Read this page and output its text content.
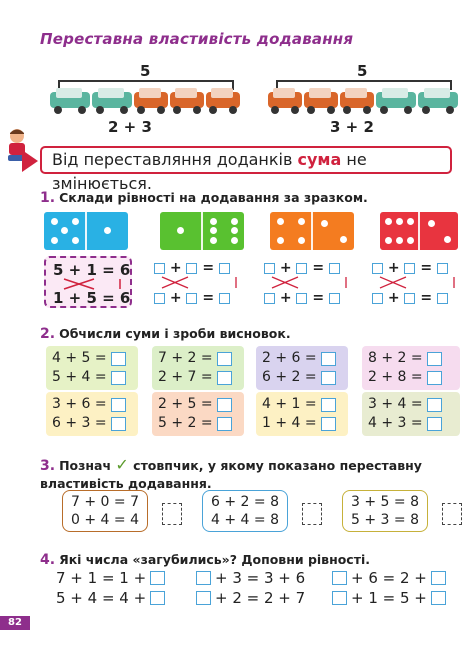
Переставна властивість додавання
5
2 + 3
5
3 + 2
Від переставляння доданків сума не змінюється.
1. Склади рівності на додавання за зразком.
5 + 1 = 6
1 + 5 = 6
+  =
+  =
+  =
+  =
+  =
+  =
2. Обчисли суми і зроби висновок.
4 + 5 =
5 + 4 =
7 + 2 =
2 + 7 =
2 + 6 =
6 + 2 =
8 + 2 =
2 + 8 =
3 + 6 =
6 + 3 =
2 + 5 =
5 + 2 =
4 + 1 =
1 + 4 =
3 + 4 =
4 + 3 =
3. Познач ✓ стовпчик, у якому показано переставну властивість додавання.
7 + 0 = 7
0 + 4 = 4
6 + 2 = 8
4 + 4 = 8
3 + 5 = 8
5 + 3 = 8
4. Які числа «загубились»? Доповни рівності.
7 + 1 = 1 +
5 + 4 = 4 +
+ 3 = 3 + 6
+ 2 = 2 + 7
+ 6 = 2 +
+ 1 = 5 +
82
